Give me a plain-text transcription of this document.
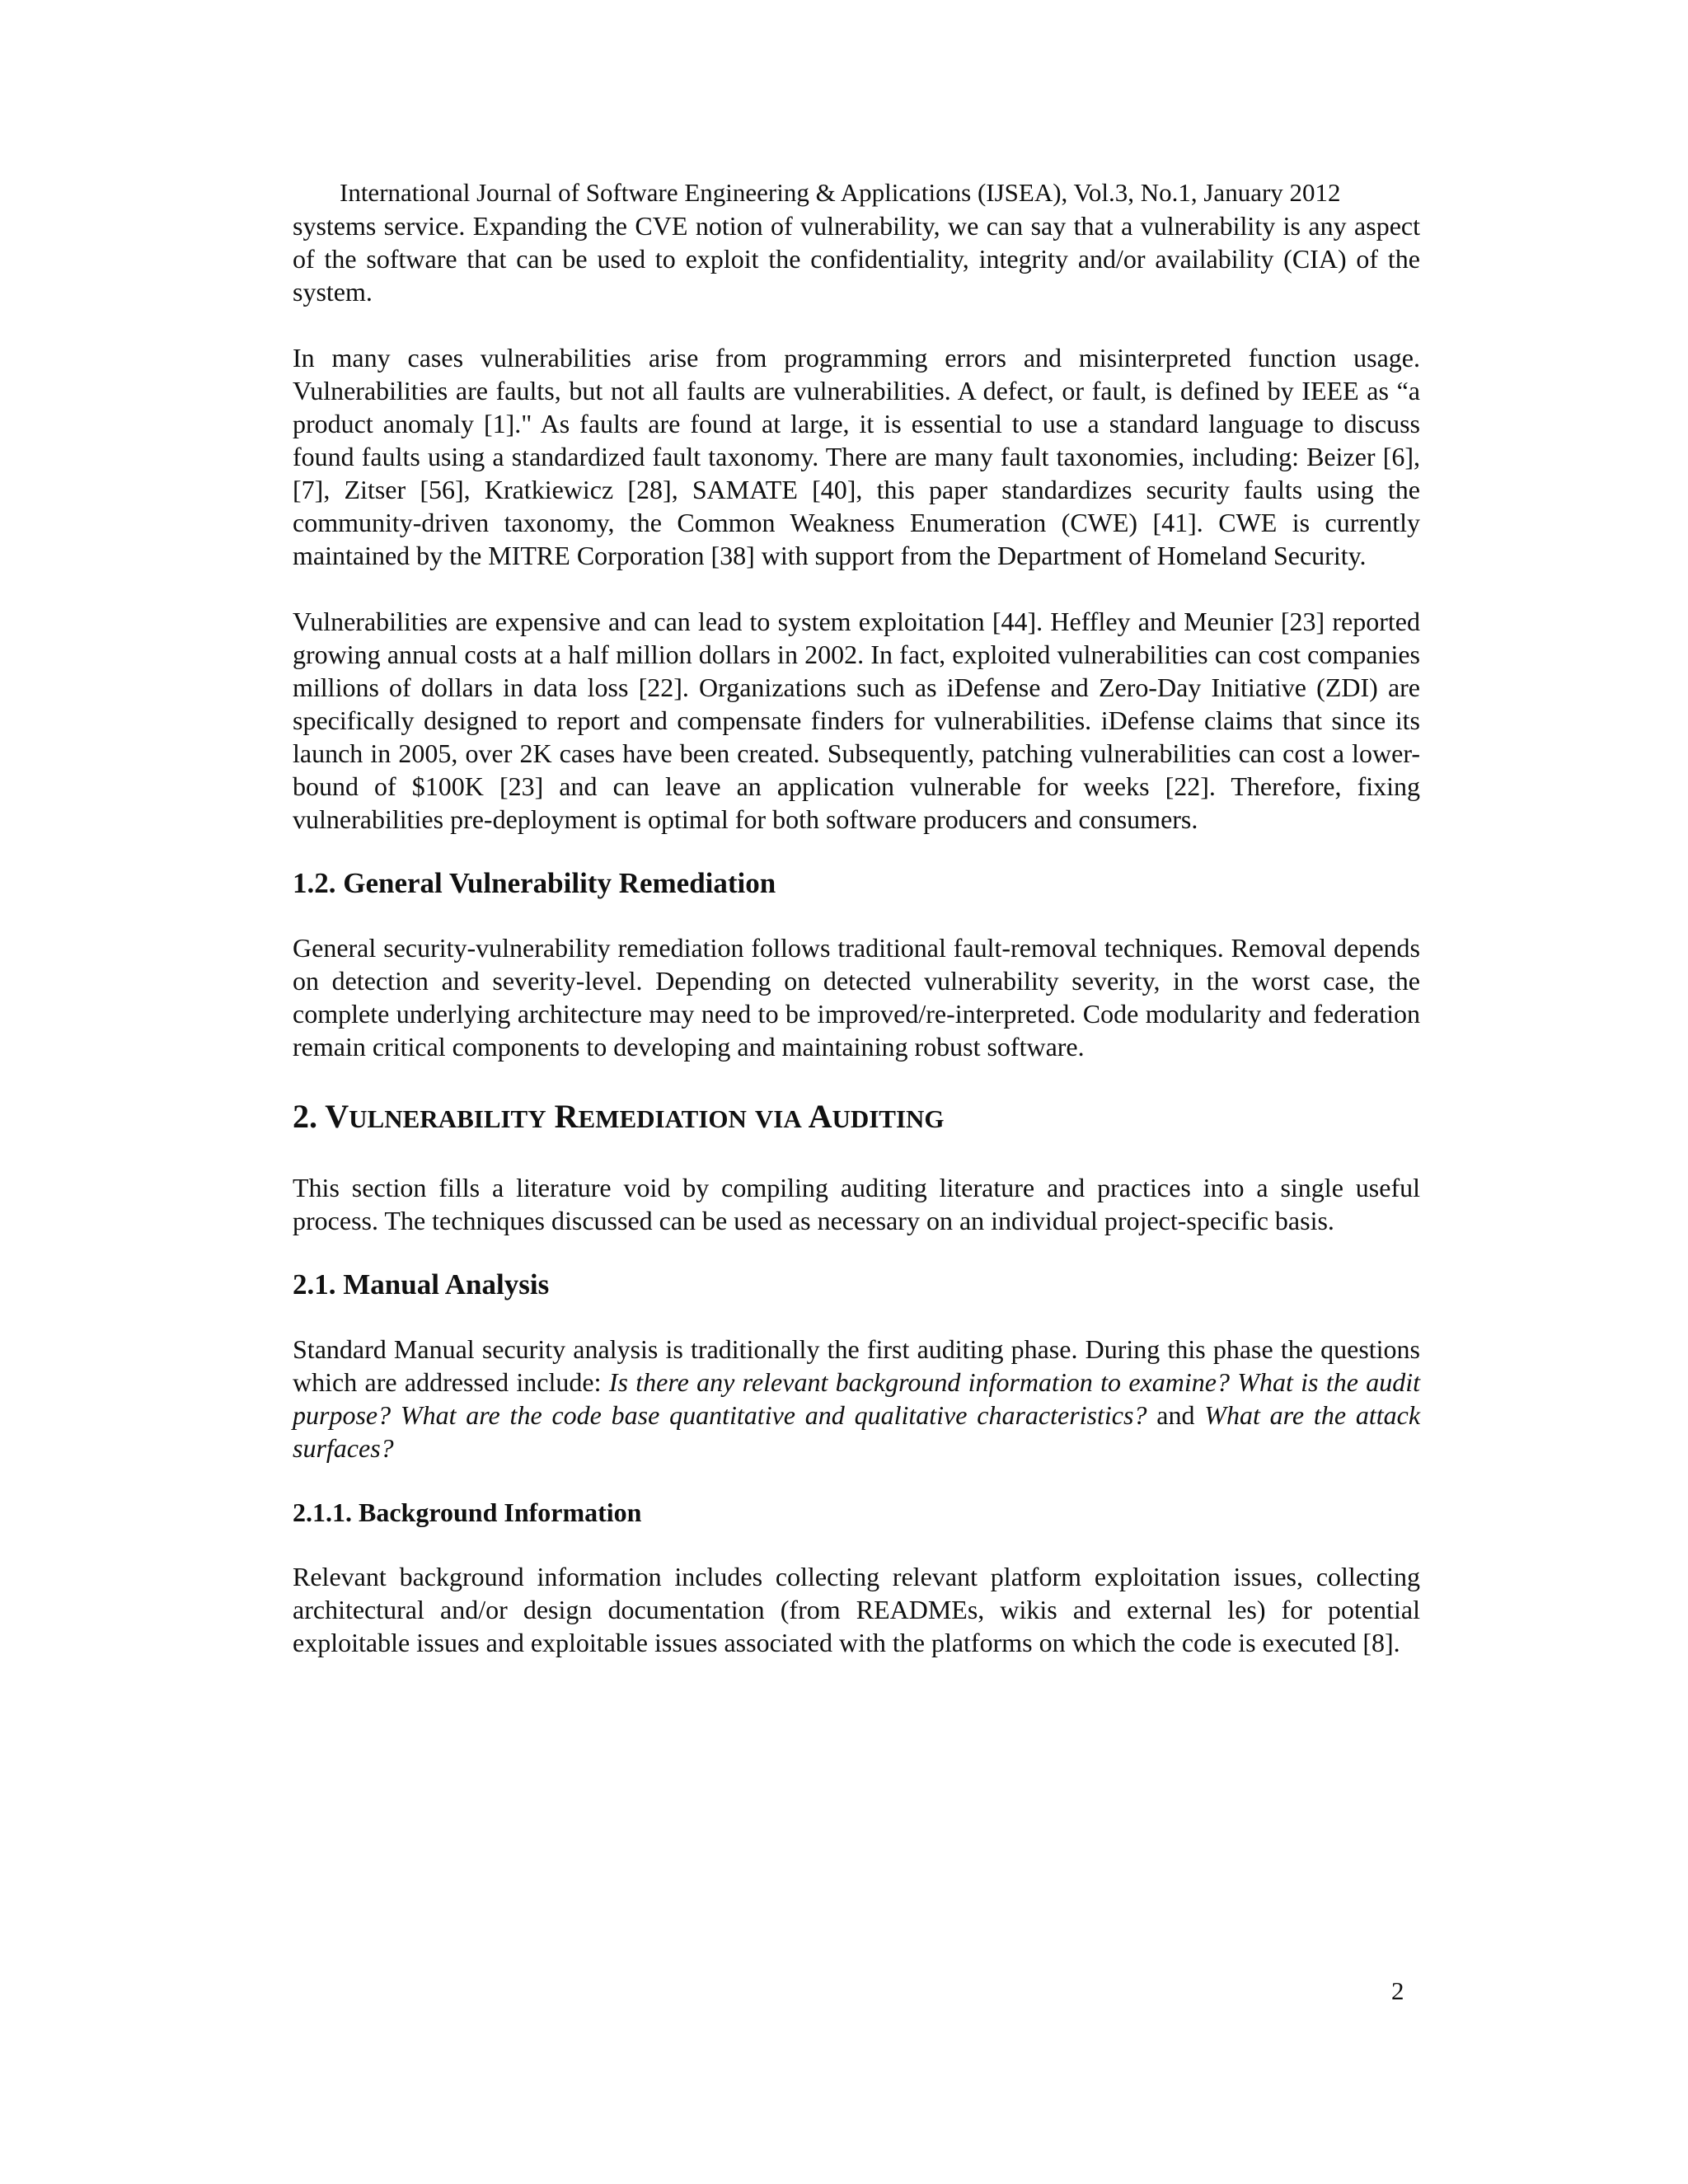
International Journal of Software Engineering & Applications (IJSEA), Vol.3, No.1, January 2012

systems service. Expanding the CVE notion of vulnerability, we can say that a vulnerability is any aspect of the software that can be used to exploit the confidentiality, integrity and/or availability (CIA) of the system.

In many cases vulnerabilities arise from programming errors and misinterpreted function usage. Vulnerabilities are faults, but not all faults are vulnerabilities. A defect, or fault, is defined by IEEE as “a product anomaly [1]." As faults are found at large, it is essential to use a standard language to discuss found faults using a standardized fault taxonomy. There are many fault taxonomies, including: Beizer [6], [7], Zitser [56], Kratkiewicz [28], SAMATE [40], this paper standardizes security faults using the community-driven taxonomy, the Common Weakness Enumeration (CWE) [41]. CWE is currently maintained by the MITRE Corporation [38] with support from the Department of Homeland Security.

Vulnerabilities are expensive and can lead to system exploitation [44]. Heffley and Meunier [23] reported growing annual costs at a half million dollars in 2002. In fact, exploited vulnerabilities can cost companies millions of dollars in data loss [22]. Organizations such as iDefense and Zero-Day Initiative (ZDI) are specifically designed to report and compensate finders for vulnerabilities. iDefense claims that since its launch in 2005, over 2K cases have been created. Subsequently, patching vulnerabilities can cost a lower-bound of $100K [23] and can leave an application vulnerable for weeks [22]. Therefore, fixing vulnerabilities pre-deployment is optimal for both software producers and consumers.

1.2. General Vulnerability Remediation

General security-vulnerability remediation follows traditional fault-removal techniques. Removal depends on detection and severity-level. Depending on detected vulnerability severity, in the worst case, the complete underlying architecture may need to be improved/re-interpreted. Code modularity and federation remain critical components to developing and maintaining robust software.

2. VULNERABILITY REMEDIATION VIA AUDITING

This section fills a literature void by compiling auditing literature and practices into a single useful process. The techniques discussed can be used as necessary on an individual project-specific basis.

2.1. Manual Analysis

Standard Manual security analysis is traditionally the first auditing phase. During this phase the questions which are addressed include: Is there any relevant background information to examine? What is the audit purpose? What are the code base quantitative and qualitative characteristics? and What are the attack surfaces?

2.1.1. Background Information

Relevant background information includes collecting relevant platform exploitation issues, collecting architectural and/or design documentation (from READMEs, wikis and external les) for potential exploitable issues and exploitable issues associated with the platforms on which the code is executed [8].

2
